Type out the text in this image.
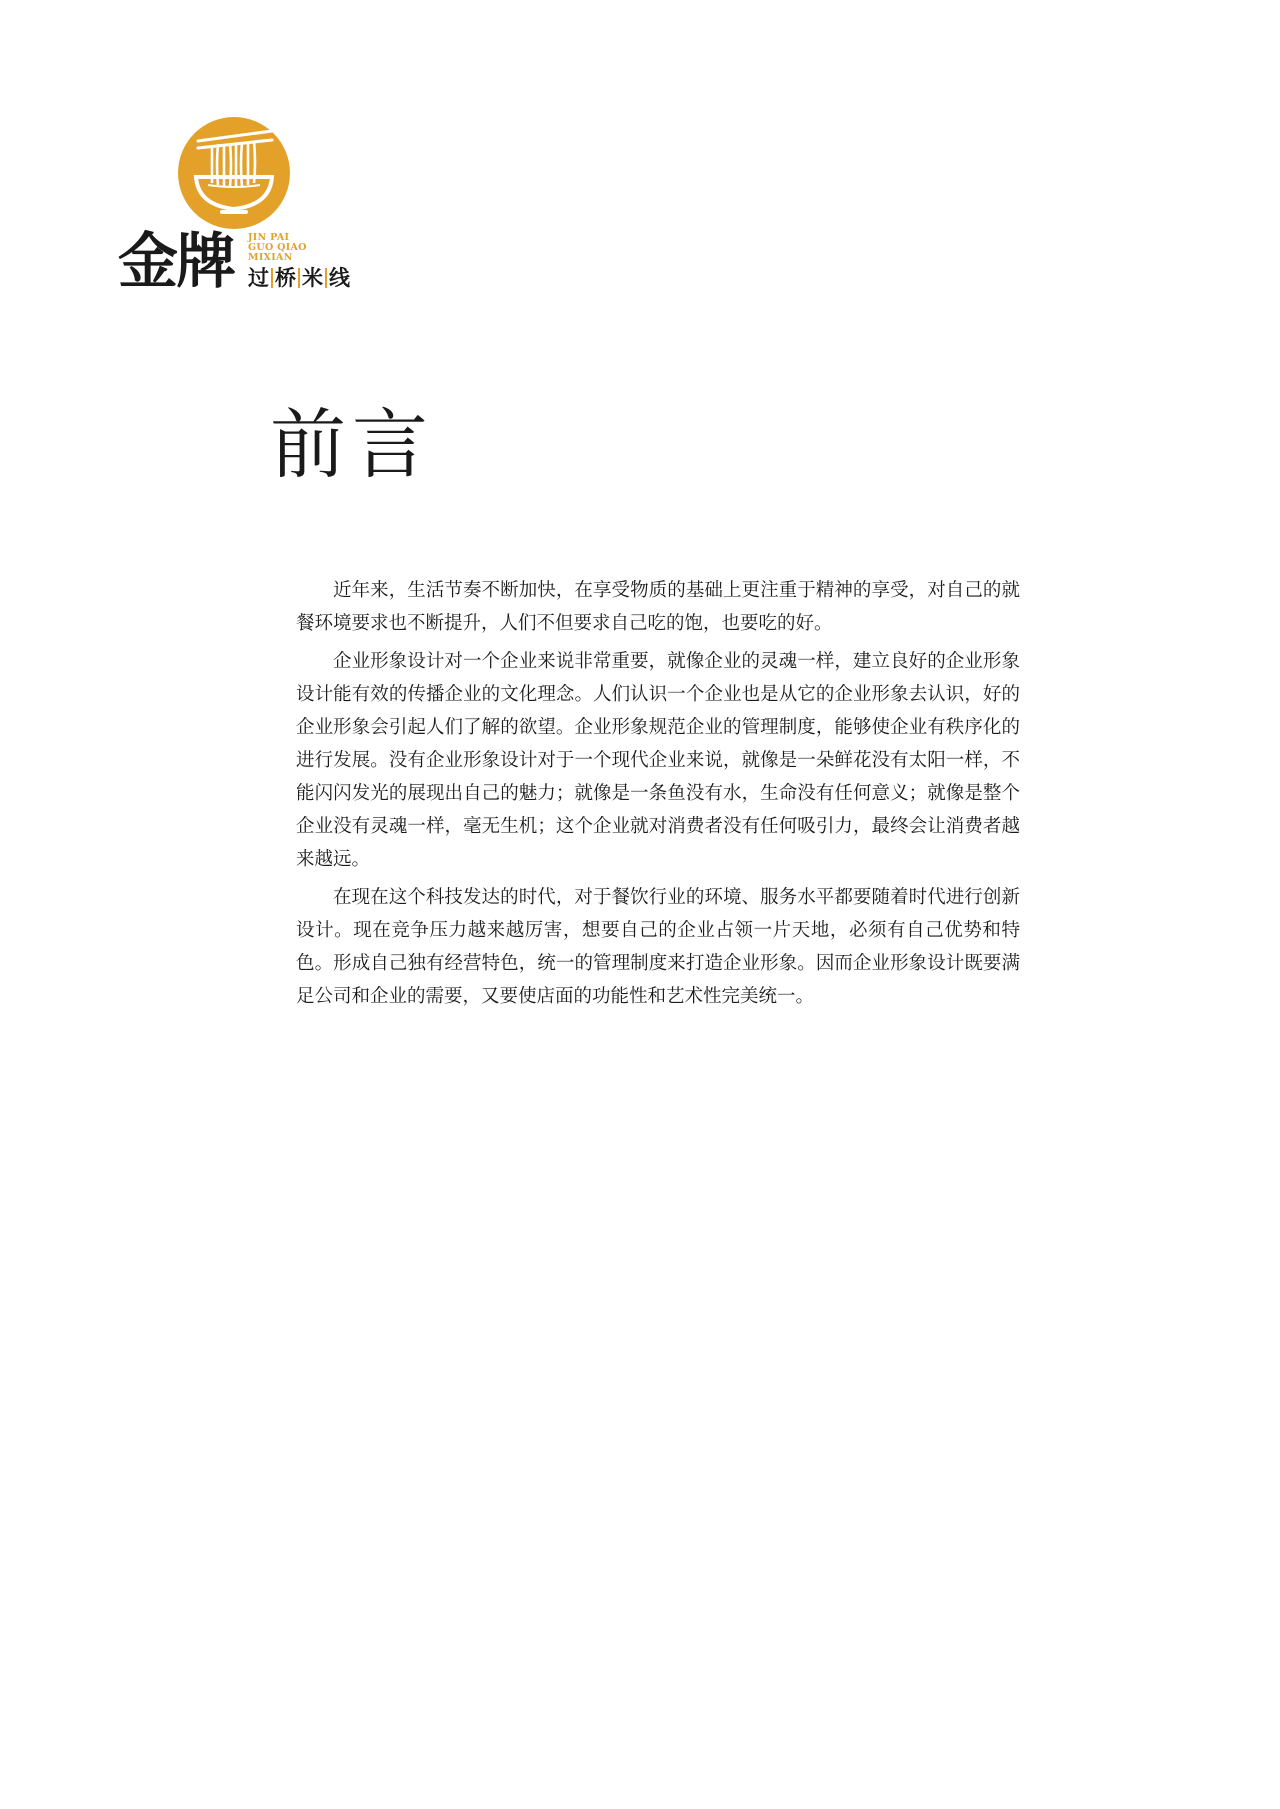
金牌 JIN PAI
GUO QIAO
MIXIAN
过 桥 米 线
前言

近年来，生活节奏不断加快，在享受物质的基础上更注重于精神的享受，对自己的就餐环境要求也不断提升，人们不但要求自己吃的饱，也要吃的好。

企业形象设计对一个企业来说非常重要，就像企业的灵魂一样，建立良好的企业形象设计能有效的传播企业的文化理念。人们认识一个企业也是从它的企业形象去认识，好的企业形象会引起人们了解的欲望。企业形象规范企业的管理制度，能够使企业有秩序化的进行发展。没有企业形象设计对于一个现代企业来说，就像是一朵鲜花没有太阳一样，不能闪闪发光的展现出自己的魅力；就像是一条鱼没有水，生命没有任何意义；就像是整个企业没有灵魂一样，毫无生机；这个企业就对消费者没有任何吸引力，最终会让消费者越来越远。

在现在这个科技发达的时代，对于餐饮行业的环境、服务水平都要随着时代进行创新设计。现在竞争压力越来越厉害，想要自己的企业占领一片天地，必须有自己优势和特色。形成自己独有经营特色，统一的管理制度来打造企业形象。因而企业形象设计既要满足公司和企业的需要，又要使店面的功能性和艺术性完美统一。
